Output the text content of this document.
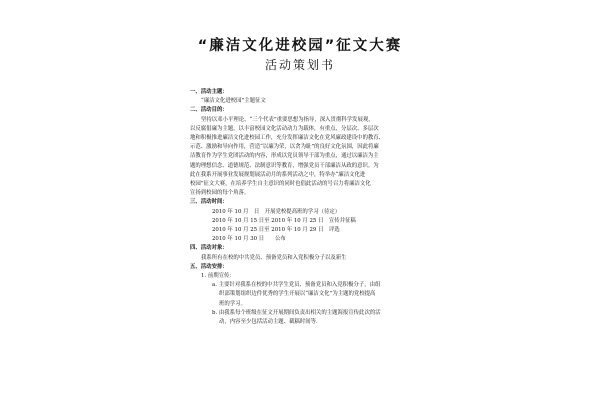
“廉洁文化进校园”征文大赛
活动策划书
一、活动主题：
“廉洁文化进校园”主题征文
二、活动目的：
坚持以邓小平理论、“三个代表”重要思想为指导，深入贯彻科学发展观，
以反腐倡廉为主题，以丰富校园文化活动动力为载体，有重点、分层次、多层次
地和积极推进廉洁文化进校园工作，充分发挥廉洁文化在党风廉政建设中的教育、
示范、激励和导向作用，营造“以廉为荣，以贪为耻”的良好文化氛围，因此将廉
洁教育作为学生党团活动的内容，形成以党员领导干部为重点，通过以廉洁为主
题的理想信念、道德规范、法制意识等教育，增强党员干部廉洁从政的意识。为
此在我系开展事业发展规划展活动月的系列活动之中，特举办“廉洁文化进
校园”征文大赛，在培养学生自主意识的同时也倡此活动的号召力将廉洁文化
宣扬到校园的每个角落。
三、活动时间：
2010 年 10 月　日　开展党校提高班的学习（待定）
2010 年 10 月 15 日至 2010 年 10 月 25 日　宣传并征稿
2010 年 10 月 25 日至 2010 年 10 月 29 日　评选
2010 年 10 月 30 日　　公布
四、活动对象：
我系所有在校的中共党员、预备党员和入党积极分子以及新生
五、活动安排：
1. 前期宣传：
a. 主要针对我系在校的中共学生党员、预备党员和入党积极分子，由组
织部策划组织边件优秀的学生开展以“廉洁文化”为主题的党校提高
班的学习。
b. 由我系每个班级在征文开展期间负责出相关的主题海报宣传此次的活
动，内容至少包括活动主题、截稿时间等.
